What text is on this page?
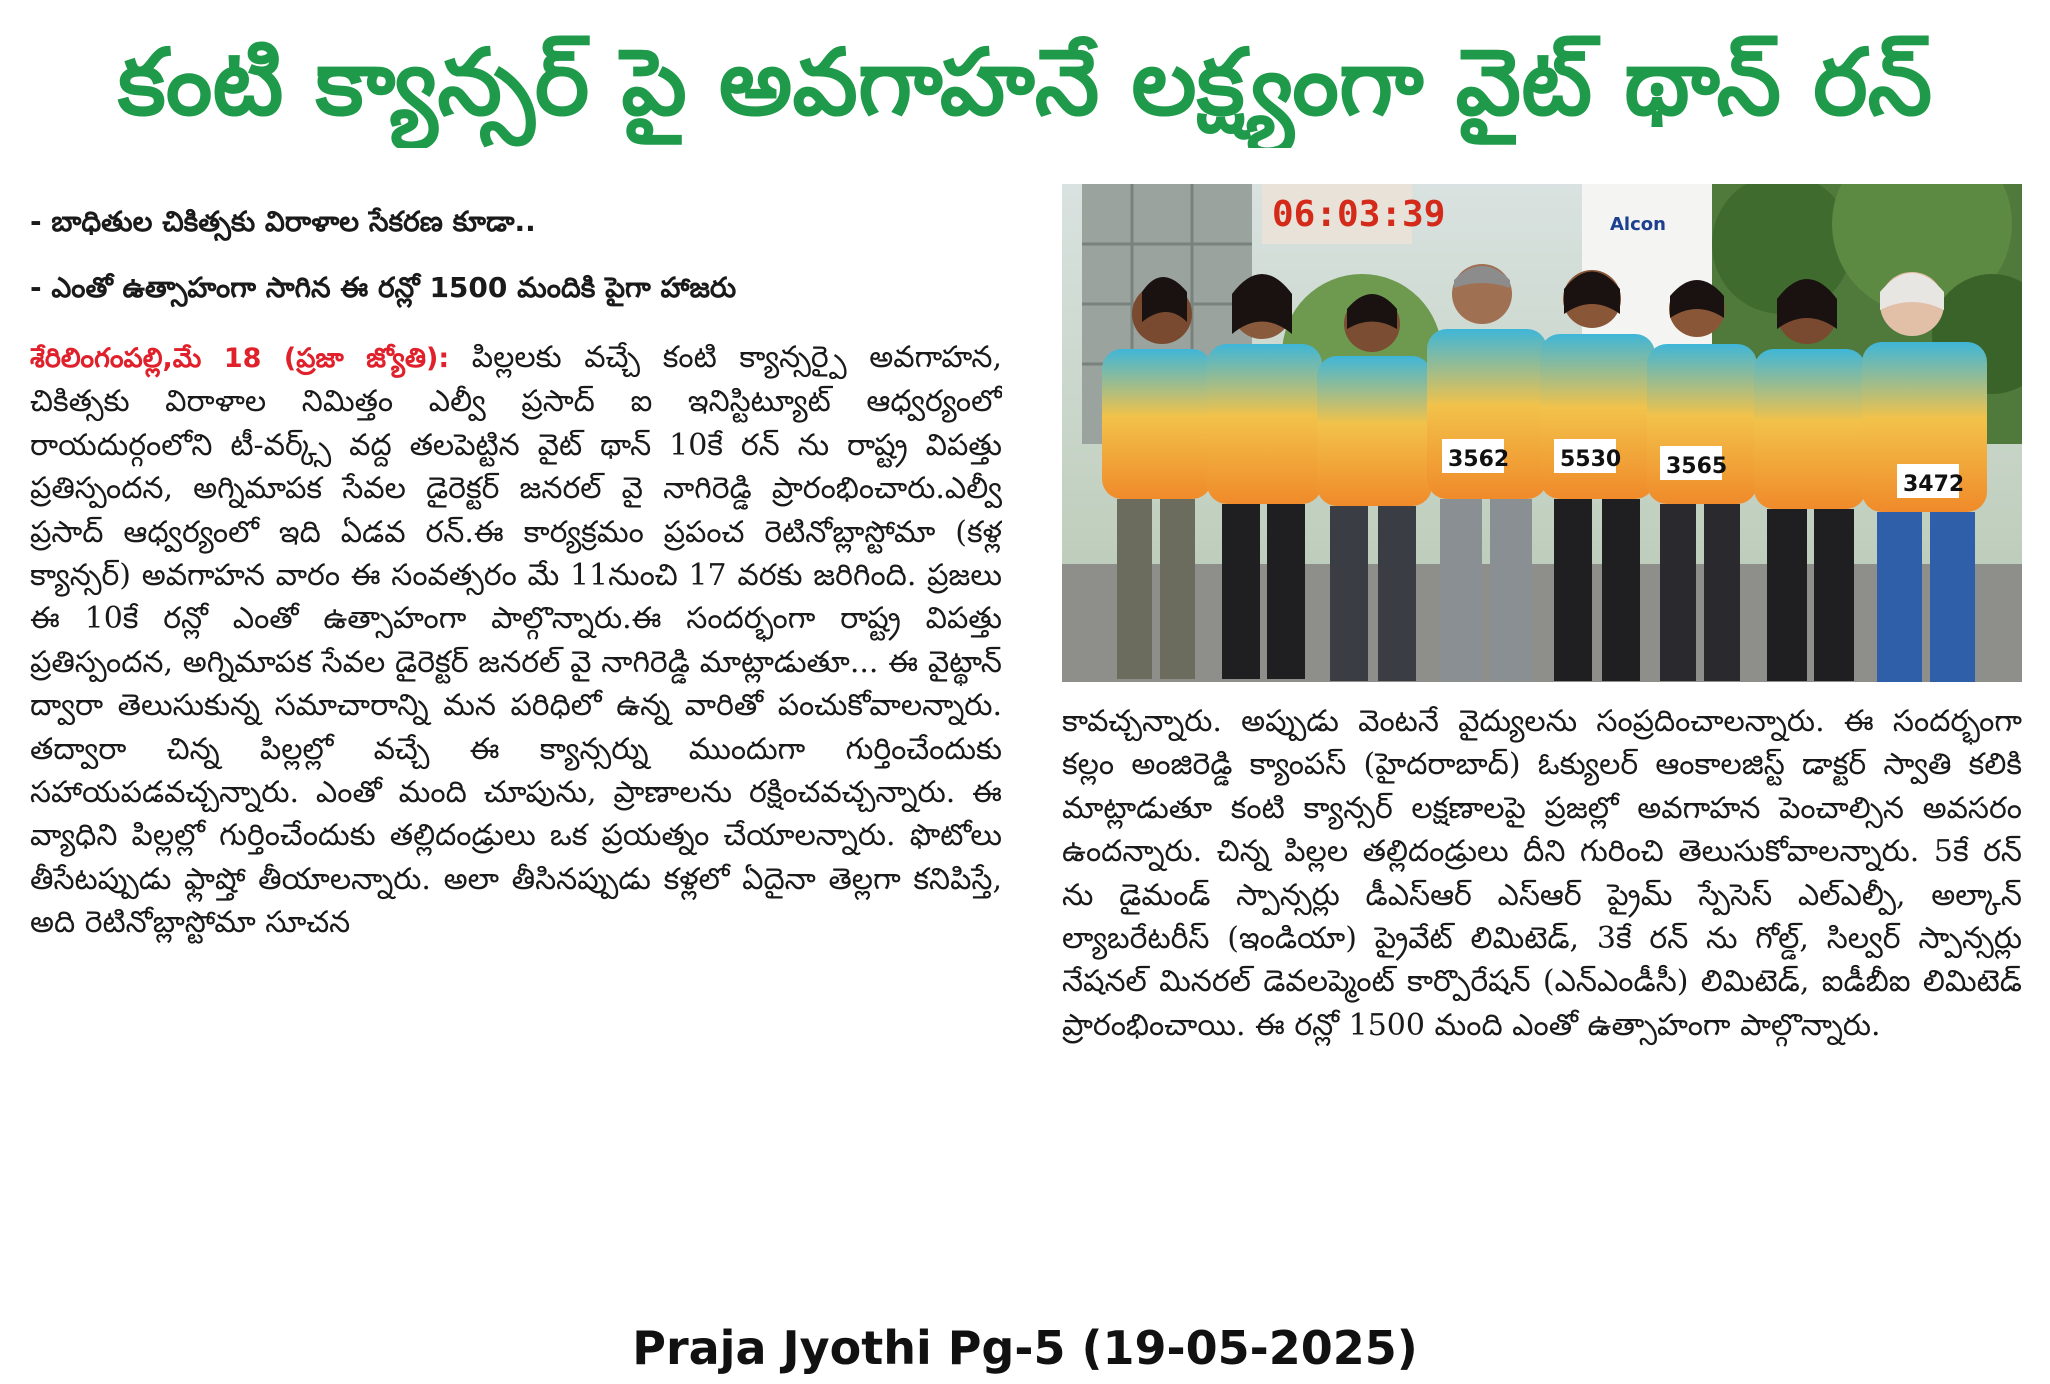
కంటి క్యాన్సర్ పై అవగాహనే లక్ష్యంగా వైట్ థాన్ రన్
- బాధితుల చికిత్సకు విరాళాల సేకరణ కూడా..
- ఎంతో ఉత్సాహంగా సాగిన ఈ రన్లో 1500 మందికి పైగా హాజరు
శేరిలింగంపల్లి,మే 18 (ప్రజా జ్యోతి): పిల్లలకు వచ్చే కంటి క్యాన్సర్పై అవగాహన, చికిత్సకు విరాళాల నిమిత్తం ఎల్వీ ప్రసాద్ ఐ ఇనిస్టిట్యూట్ ఆధ్వర్యంలో రాయదుర్గంలోని టీ-వర్క్స్ వద్ద తలపెట్టిన వైట్ థాన్ 10కే రన్ ను రాష్ట్ర విపత్తు ప్రతిస్పందన, అగ్నిమాపక సేవల డైరెక్టర్ జనరల్ వై నాగిరెడ్డి ప్రారంభించారు.ఎల్వీ ప్రసాద్ ఆధ్వర్యంలో ఇది ఏడవ రన్.ఈ కార్యక్రమం ప్రపంచ రెటినోబ్లాస్టోమా (కళ్ల క్యాన్సర్) అవగాహన వారం ఈ సంవత్సరం మే 11నుంచి 17 వరకు జరిగింది. ప్రజలు ఈ 10కే రన్లో ఎంతో ఉత్సాహంగా పాల్గొన్నారు.ఈ సందర్భంగా రాష్ట్ర విపత్తు ప్రతిస్పందన, అగ్నిమాపక సేవల డైరెక్టర్ జనరల్ వై నాగిరెడ్డి మాట్లాడుతూ... ఈ వైట్థాన్ ద్వారా తెలుసుకున్న సమాచారాన్ని మన పరిధిలో ఉన్న వారితో పంచుకోవాలన్నారు. తద్వారా చిన్న పిల్లల్లో వచ్చే ఈ క్యాన్సర్ను ముందుగా గుర్తించేందుకు సహాయపడవచ్చన్నారు. ఎంతో మంది చూపును, ప్రాణాలను రక్షించవచ్చన్నారు. ఈ వ్యాధిని పిల్లల్లో గుర్తించేందుకు తల్లిదండ్రులు ఒక ప్రయత్నం చేయాలన్నారు. ఫొటోలు తీసేటప్పుడు ఫ్లాష్తో తీయాలన్నారు. అలా తీసినప్పుడు కళ్లలో ఏదైనా తెల్లగా కనిపిస్తే, అది రెటినోబ్లాస్టోమా సూచన
06:03:39	Alcon
3562 5530 3565
3472
కావచ్చన్నారు. అప్పుడు వెంటనే వైద్యులను సంప్రదించాలన్నారు. ఈ సందర్భంగా కల్లం అంజిరెడ్డి క్యాంపస్ (హైదరాబాద్) ఓక్యులర్ ఆంకాలజిస్ట్ డాక్టర్ స్వాతి కలికి మాట్లాడుతూ కంటి క్యాన్సర్ లక్షణాలపై ప్రజల్లో అవగాహన పెంచాల్సిన అవసరం ఉందన్నారు. చిన్న పిల్లల తల్లిదండ్రులు దీని గురించి తెలుసుకోవాలన్నారు. 5కే రన్ ను డైమండ్ స్పాన్సర్లు డీఎస్ఆర్ ఎస్ఆర్ ప్రైమ్ స్పేసెస్ ఎల్ఎల్పీ, అల్కాన్ ల్యాబరేటరీస్ (ఇండియా) ప్రైవేట్ లిమిటెడ్, 3కే రన్ ను గోల్డ్, సిల్వర్ స్పాన్సర్లు నేషనల్ మినరల్ డెవలప్మెంట్ కార్పొరేషన్ (ఎన్ఎండీసీ) లిమిటెడ్, ఐడీబీఐ లిమిటెడ్ ప్రారంభించాయి. ఈ రన్లో 1500 మంది ఎంతో ఉత్సాహంగా పాల్గొన్నారు.
Praja Jyothi Pg-5 (19-05-2025)
